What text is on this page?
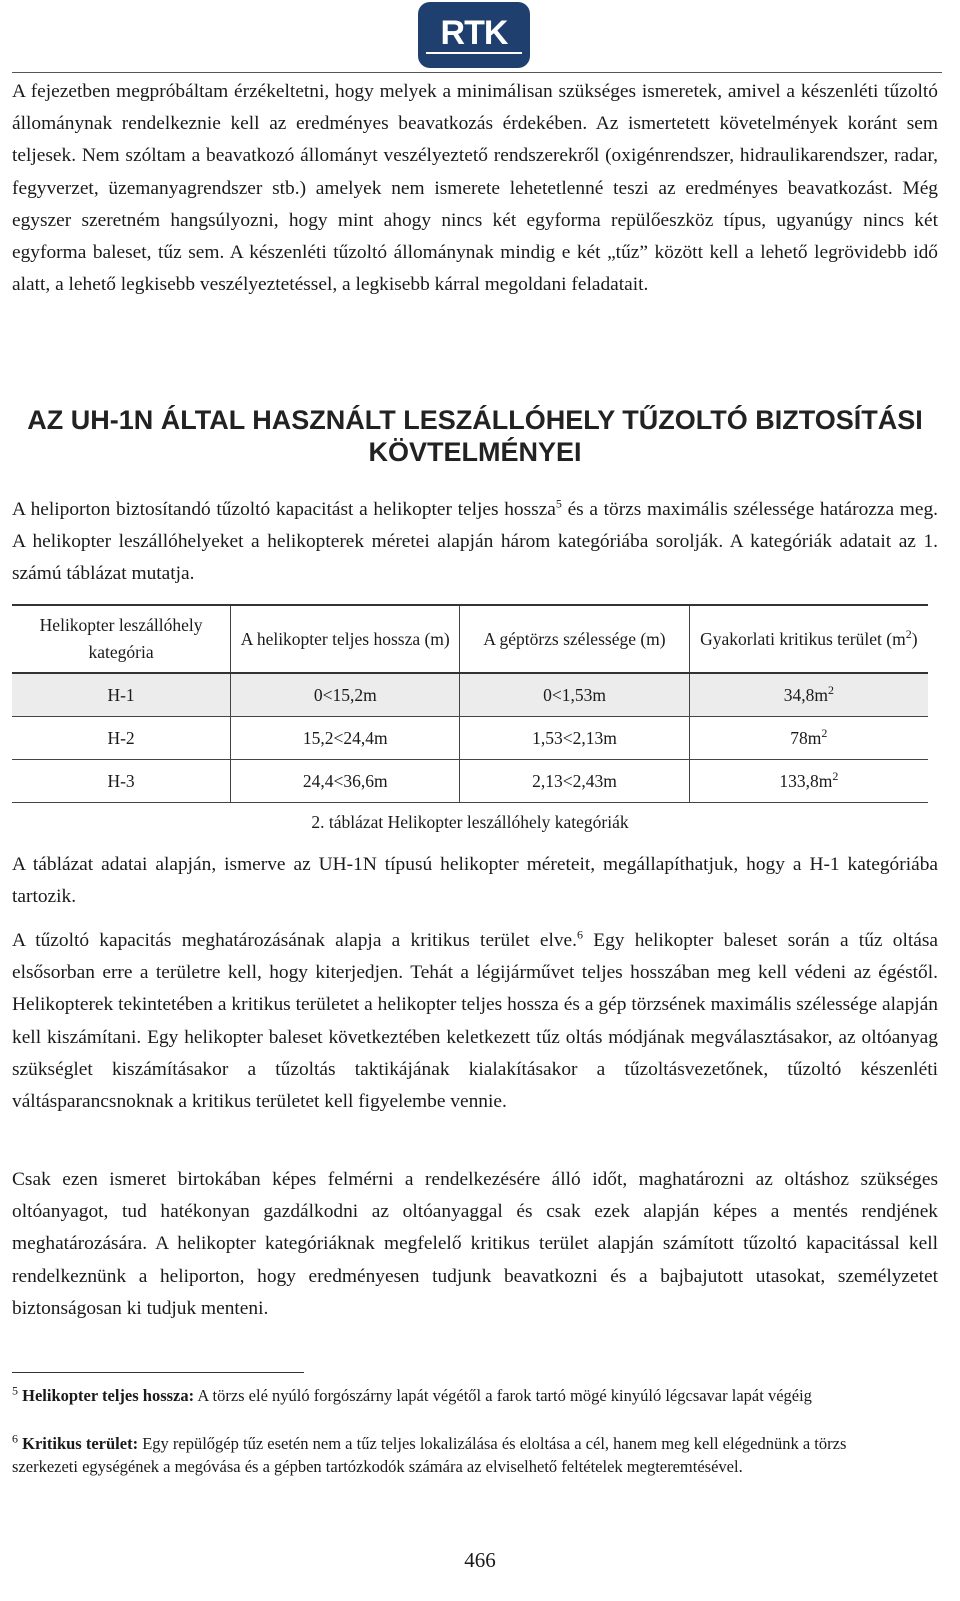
RTK

A fejezetben megpróbáltam érzékeltetni, hogy melyek a minimálisan szükséges ismeretek, amivel a készenléti tűzoltó állománynak rendelkeznie kell az eredményes beavatkozás érdekében. Az ismertetett követelmények koránt sem teljesek. Nem szóltam a beavatkozó állományt veszélyeztető rendszerekről (oxigénrendszer, hidraulikarendszer, radar, fegyverzet, üzemanyagrendszer stb.) amelyek nem ismerete lehetetlenné teszi az eredményes beavatkozást. Még egyszer szeretném hangsúlyozni, hogy mint ahogy nincs két egyforma repülőeszköz típus, ugyanúgy nincs két egyforma baleset, tűz sem. A készenléti tűzoltó állománynak mindig e két „tűz” között kell a lehető legrövidebb idő alatt, a lehető legkisebb veszélyeztetéssel, a legkisebb kárral megoldani feladatait.

AZ UH-1N ÁLTAL HASZNÁLT LESZÁLLÓHELY TŰZOLTÓ BIZTOSÍTÁSI KÖVTELMÉNYEI

A heliporton biztosítandó tűzoltó kapacitást a helikopter teljes hossza$^5$ és a törzs maximális szélessége határozza meg. A helikopter leszállóhelyeket a helikopterek méretei alapján három kategóriába sorolják. A kategóriák adatait az 1. számú táblázat mutatja.

Helikopter leszállóhely kategória	A helikopter teljes hossza (m)	A géptörzs szélessége (m)	Gyakorlati kritikus terület $(m^2)$
H-1	0<15,2m	0<1,53m	$34,8m^2$
H-2	15,2<24,4m	1,53<2,13m	$78m^2$
H-3	24,4<36,6m	2,13<2,43m	$133,8m^2$

2. táblázat Helikopter leszállóhely kategóriák

A táblázat adatai alapján, ismerve az UH-1N típusú helikopter méreteit, megállapíthatjuk, hogy a H-1 kategóriába tartozik.

A tűzoltó kapacitás meghatározásának alapja a kritikus terület elve.$^6$ Egy helikopter baleset során a tűz oltása elsősorban erre a területre kell, hogy kiterjedjen. Tehát a légijárművet teljes hosszában meg kell védeni az égéstől. Helikopterek tekintetében a kritikus területet a helikopter teljes hossza és a gép törzsének maximális szélessége alapján kell kiszámítani. Egy helikopter baleset következtében keletkezett tűz oltás módjának megválasztásakor, az oltóanyag szükséglet kiszámításakor a tűzoltás taktikájának kialakításakor a tűzoltásvezetőnek, tűzoltó készenléti váltásparancsnoknak a kritikus területet kell figyelembe vennie.

Csak ezen ismeret birtokában képes felmérni a rendelkezésére álló időt, maghatározni az oltáshoz szükséges oltóanyagot, tud hatékonyan gazdálkodni az oltóanyaggal és csak ezek alapján képes a mentés rendjének meghatározására. A helikopter kategóriáknak megfelelő kritikus terület alapján számított tűzoltó kapacitással kell rendelkeznünk a heliporton, hogy eredményesen tudjunk beavatkozni és a bajbajutott utasokat, személyzetet biztonságosan ki tudjuk menteni.

$^5$ Helikopter teljes hossza: A törzs elé nyúló forgószárny lapát végétől a farok tartó mögé kinyúló légcsavar lapát végéig

$^6$ Kritikus terület: Egy repülőgép tűz esetén nem a tűz teljes lokalizálása és eloltása a cél, hanem meg kell elégednünk a törzs szerkezeti egységének a megóvása és a gépben tartózkodók számára az elviselhető feltételek megteremtésével.

466
